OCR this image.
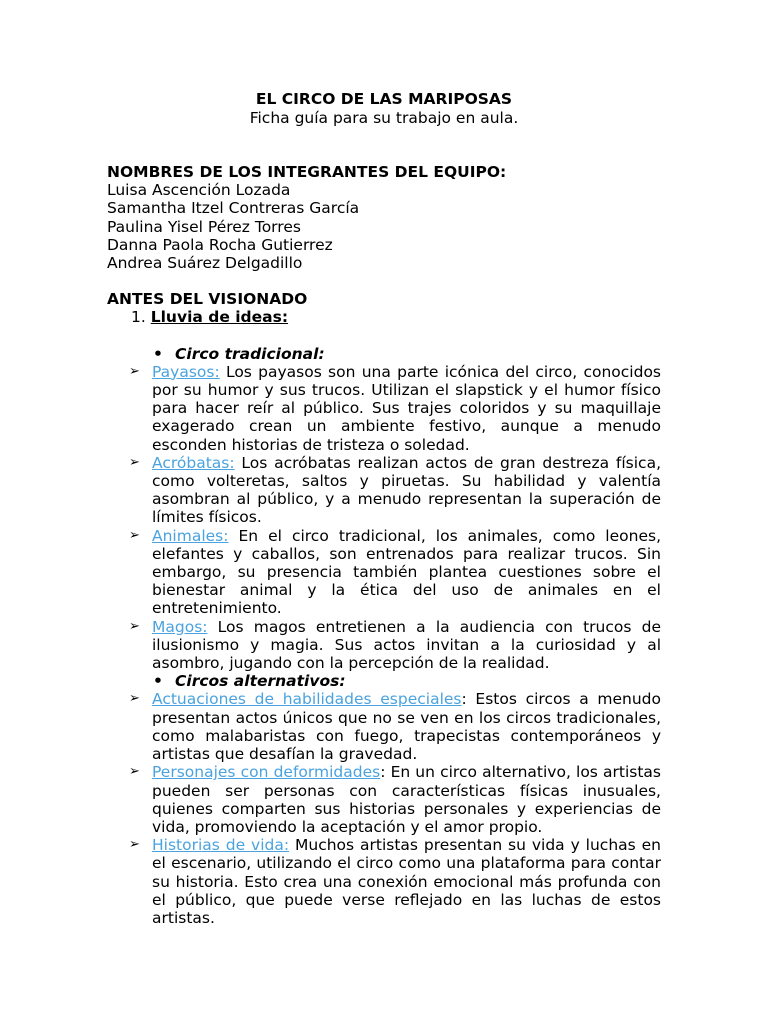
EL CIRCO DE LAS MARIPOSAS
Ficha guía para su trabajo en aula.
NOMBRES DE LOS INTEGRANTES DEL EQUIPO:
Luisa Ascención Lozada
Samantha Itzel Contreras García
Paulina Yisel Pérez Torres
Danna Paola Rocha Gutierrez
Andrea Suárez Delgadillo
ANTES DEL VISIONADO
1. Lluvia de ideas:
• Circo tradicional:
➢ Payasos: Los payasos son una parte icónica del circo, conocidos por su humor y sus trucos. Utilizan el slapstick y el humor físico para hacer reír al público. Sus trajes coloridos y su maquillaje exagerado crean un ambiente festivo, aunque a menudo esconden historias de tristeza o soledad.

➢ Acróbatas: Los acróbatas realizan actos de gran destreza física, como volteretas, saltos y piruetas. Su habilidad y valentía asombran al público, y a menudo representan la superación de límites físicos.

➢ Animales: En el circo tradicional, los animales, como leones, elefantes y caballos, son entrenados para realizar trucos. Sin embargo, su presencia también plantea cuestiones sobre el bienestar animal y la ética del uso de animales en el entretenimiento.

➢ Magos: Los magos entretienen a la audiencia con trucos de ilusionismo y magia. Sus actos invitan a la curiosidad y al asombro, jugando con la percepción de la realidad.

• Circos alternativos:
➢ Actuaciones de habilidades especiales: Estos circos a menudo presentan actos únicos que no se ven en los circos tradicionales, como malabaristas con fuego, trapecistas contemporáneos y artistas que desafían la gravedad.

➢ Personajes con deformidades: En un circo alternativo, los artistas pueden ser personas con características físicas inusuales, quienes comparten sus historias personales y experiencias de vida, promoviendo la aceptación y el amor propio.

➢ Historias de vida: Muchos artistas presentan su vida y luchas en el escenario, utilizando el circo como una plataforma para contar su historia. Esto crea una conexión emocional más profunda con el público, que puede verse reflejado en las luchas de estos artistas.
